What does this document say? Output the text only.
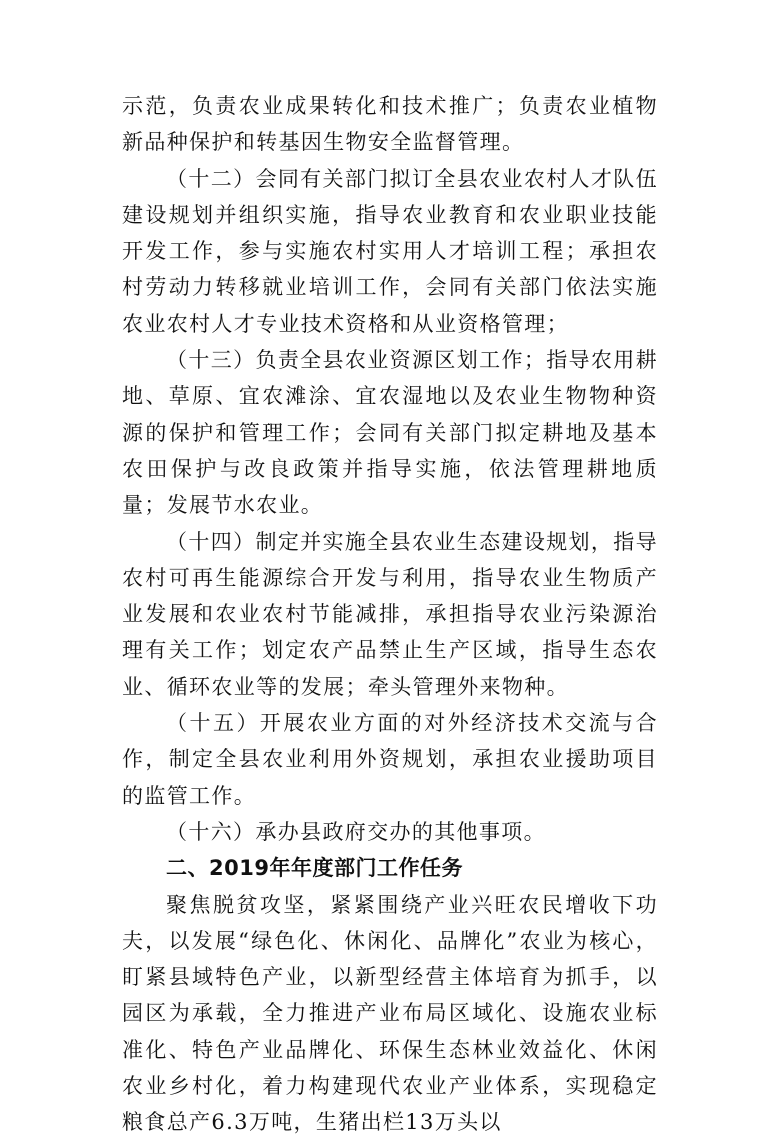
示范，负责农业成果转化和技术推广；负责农业植物新品种保护和转基因生物安全监督管理。

（十二）会同有关部门拟订全县农业农村人才队伍建设规划并组织实施，指导农业教育和农业职业技能开发工作，参与实施农村实用人才培训工程；承担农村劳动力转移就业培训工作，会同有关部门依法实施农业农村人才专业技术资格和从业资格管理；

（十三）负责全县农业资源区划工作；指导农用耕地、草原、宜农滩涂、宜农湿地以及农业生物物种资源的保护和管理工作；会同有关部门拟定耕地及基本农田保护与改良政策并指导实施，依法管理耕地质量；发展节水农业。

（十四）制定并实施全县农业生态建设规划，指导农村可再生能源综合开发与利用，指导农业生物质产业发展和农业农村节能减排，承担指导农业污染源治理有关工作；划定农产品禁止生产区域，指导生态农业、循环农业等的发展；牵头管理外来物种。

（十五）开展农业方面的对外经济技术交流与合作，制定全县农业利用外资规划，承担农业援助项目的监管工作。

（十六）承办县政府交办的其他事项。

二、2019年年度部门工作任务

聚焦脱贫攻坚，紧紧围绕产业兴旺农民增收下功夫，以发展“绿色化、休闲化、品牌化”农业为核心，盯紧县域特色产业，以新型经营主体培育为抓手，以园区为承载，全力推进产业布局区域化、设施农业标准化、特色产业品牌化、环保生态林业效益化、休闲农业乡村化，着力构建现代农业产业体系，实现稳定粮食总产6.3万吨，生猪出栏13万头以
